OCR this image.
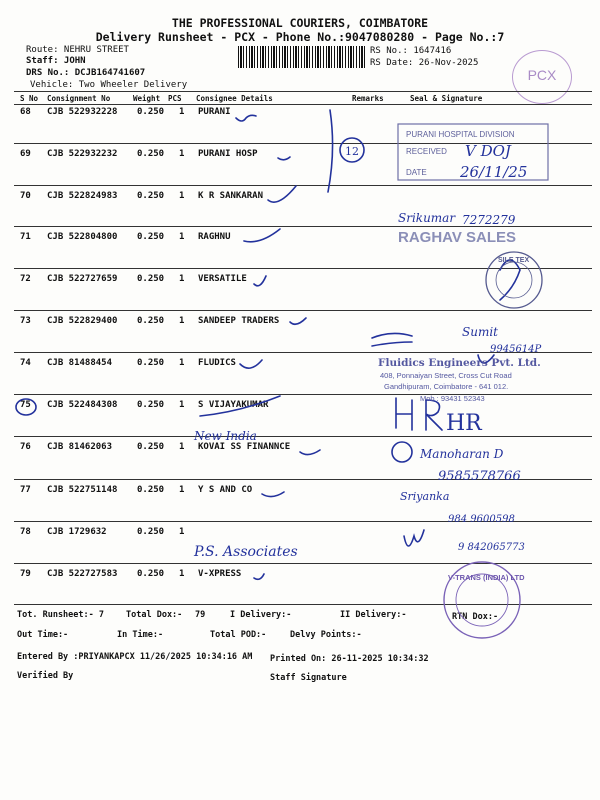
THE PROFESSIONAL COURIERS, COIMBATORE
Delivery Runsheet - PCX - Phone No.:9047080280 - Page No.:7
Route: NEHRU STREET
Staff: JOHN
DRS No.: DCJB164741607
Vehicle: Two Wheeler Delivery
RS No.: 1647416
RS Date: 26-Nov-2025
PCX
S No Consignment No	Weight PCS Consignee Details	Remarks	Seal & Signature
68 CJB 522932228 0.250 1 PURANI
69 CJB 522932232 0.250 1 PURANI HOSP
70 CJB 522824983 0.250 1 K R SANKARAN
71 CJB 522804800 0.250 1 RAGHNU
72 CJB 522727659 0.250 1 VERSATILE
73 CJB 522829400 0.250 1 SANDEEP TRADERS
74 CJB 81488454	0.250 1 FLUDICS
75 CJB 522484308 0.250 1 S VIJAYAKUMAR
76 CJB 81462063	0.250 1 KOVAI SS FINANNCE
77 CJB 522751148 0.250 1 Y S AND CO
78 CJB 1729632	0.250 1
79 CJB 522727583 0.250 1 V-XPRESS
Tot. Runsheet:- 7	Total Dox:- 79	I Delivery:-	II Delivery:-	RTN Dox:-
Out Time:-	In Time:-	Total POD:-	Delvy Points:-
Entered By :PRIYANKAPCX 11/26/2025 10:34:16 AM Printed On: 26-11-2025 10:34:32
Verified By	Staff Signature
PURANI HOSPITAL DIVISION
RECEIVED
DATE
V DOJ
26/11/25
Srikumar 7272279
RAGHAV SALES
SILE TEX
Sumit
9945614P
Fluidics Engineers Pvt. Ltd.
408, Ponnaiyan Street, Cross Cut Road
Gandhipuram, Coimbatore - 641 012.
Mob : 93431 52343
HR
New India
Manoharan D
9585578766
Sriyanka
984 9600598
P.S. Associates	9 842065773
12
V-TRANS (INDIA) LTD
